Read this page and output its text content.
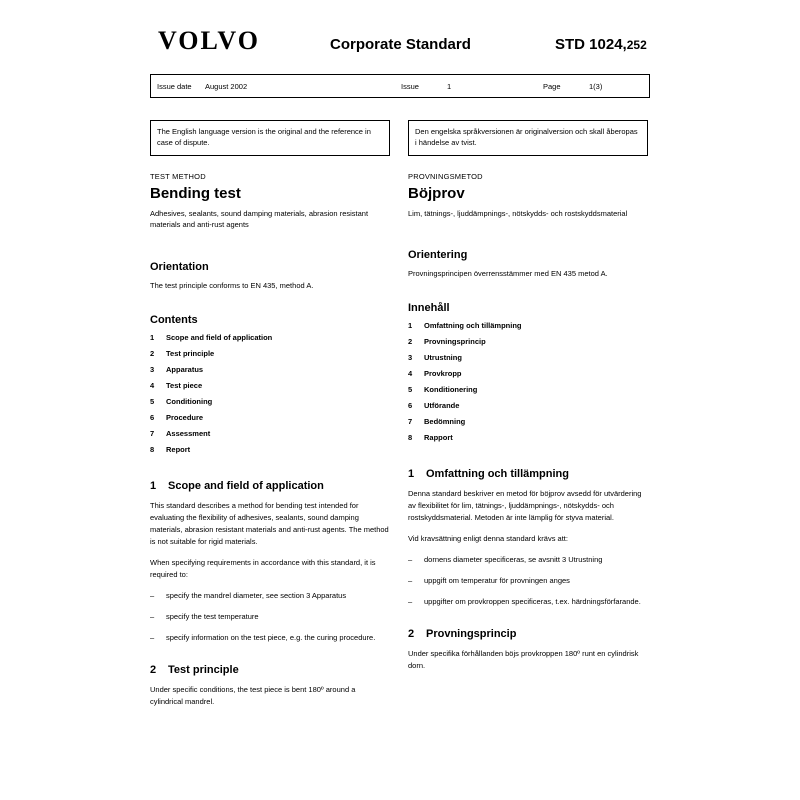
VOLVO	Corporate Standard	STD 1024,252
Issue date	August 2002	Issue	1	Page	1(3)
The English language version is the original and the reference in case of dispute.
TEST METHOD
Bending test
Adhesives, sealants, sound damping materials, abrasion resistant materials and anti-rust agents
Orientation

The test principle conforms to EN 435, method A.

Contents
1	Scope and field of application
2	Test principle
3	Apparatus
4	Test piece
5	Conditioning
6	Procedure
7	Assessment
8	Report
1	Scope and field of application

This standard describes a method for bending test intended for evaluating the flexibility of adhesives, sealants, sound damping materials, abrasion resistant materials and anti-rust agents. The method is not suitable for rigid materials.

When specifying requirements in accordance with this standard, it is required to:

–	specify the mandrel diameter, see section 3 Apparatus
–	specify the test temperature
–	specify information on the test piece, e.g. the curing procedure.
2	Test principle

Under specific conditions, the test piece is bent 180º around a cylindrical mandrel.

Den engelska språkversionen är originalversion och skall åberopas i händelse av tvist.
PROVNINGSMETOD
Böjprov
Lim, tätnings-, ljuddämpnings-, nötskydds- och rostskyddsmaterial
Orientering

Provningsprincipen överrensstämmer med EN 435 metod A.

Innehåll
1	Omfattning och tillämpning
2	Provningsprincip
3	Utrustning
4	Provkropp
5	Konditionering
6	Utförande
7	Bedömning
8	Rapport
1	Omfattning och tillämpning

Denna standard beskriver en metod för böjprov avsedd för utvärdering av flexibilitet för lim, tätnings-, ljuddämpnings-, nötskydds- och rostskyddsmaterial. Metoden är inte lämplig för styva material.

Vid kravsättning enligt denna standard krävs att:

–	dornens diameter specificeras, se avsnitt 3 Utrustning
–	uppgift om temperatur för provningen anges
–	uppgifter om provkroppen specificeras, t.ex. härdningsförfarande.
2	Provningsprincip

Under specifika förhållanden böjs provkroppen 180º runt en cylindrisk dorn.
